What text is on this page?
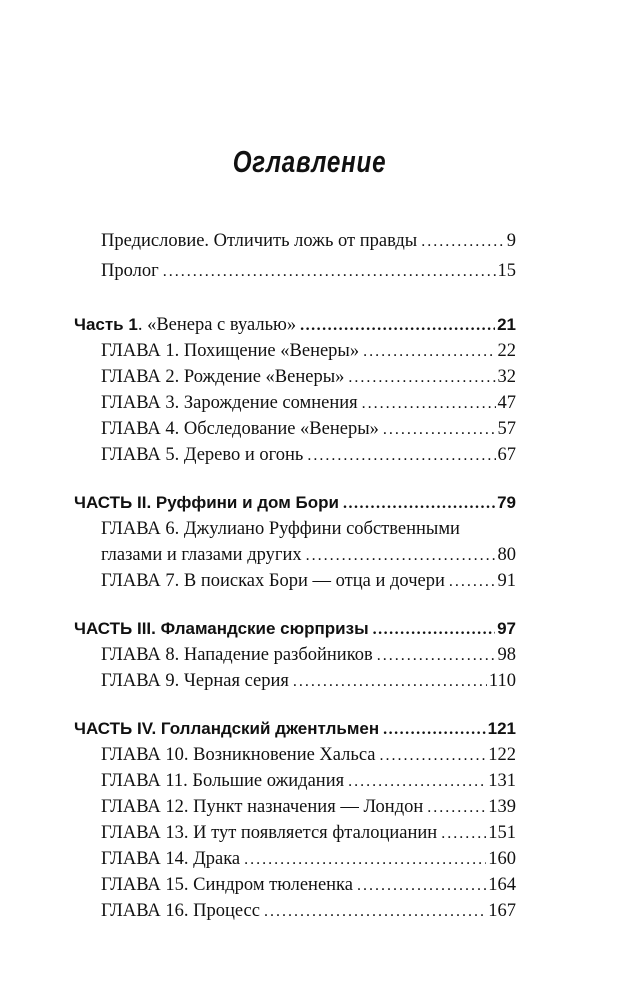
Оглавление
Предисловие. Отличить ложь от правды .....	9
Пролог .....	15
Часть 1. «Венера с вуалью» .....	21
ГЛАВА 1. Похищение «Венеры» .....	22
ГЛАВА 2. Рождение «Венеры» .....	32
ГЛАВА 3. Зарождение сомнения .....	47
ГЛАВА 4. Обследование «Венеры» .....	57
ГЛАВА 5. Дерево и огонь .....	67
ЧАСТЬ II. Руффини и дом Бори .....	79
ГЛАВА 6. Джулиано Руффини собственными
глазами и глазами других .....	80
ГЛАВА 7. В поисках Бори — отца и дочери .....	91
ЧАСТЬ III. Фламандские сюрпризы .....	97
ГЛАВА 8. Нападение разбойников .....	98
ГЛАВА 9. Черная серия .....	110
ЧАСТЬ IV. Голландский джентльмен .....	121
ГЛАВА 10. Возникновение Хальса .....	122
ГЛАВА 11. Большие ожидания .....	131
ГЛАВА 12. Пункт назначения — Лондон .....	139
ГЛАВА 13. И тут появляется фталоцианин .....	151
ГЛАВА 14. Драка .....	160
ГЛАВА 15. Синдром тюлененка .....	164
ГЛАВА 16. Процесс .....	167
